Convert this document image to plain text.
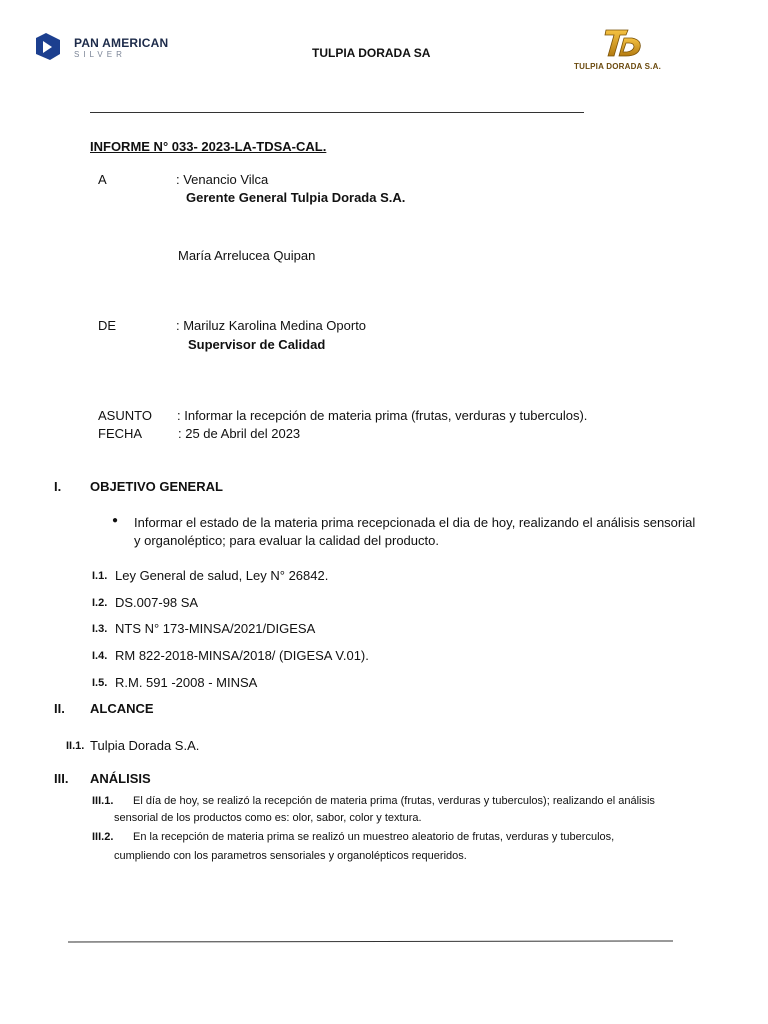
PAN AMERICAN
SILVER	TULPIA DORADA SA
TULPIA DORADA S.A.
INFORME N° 033- 2023-LA-TDSA-CAL.
A	: Venancio Vilca
Gerente General Tulpia Dorada S.A.
María Arrelucea Quipan
DE	: Mariluz Karolina Medina Oporto
Supervisor de Calidad
ASUNTO : Informar la recepción de materia prima (frutas, verduras y tuberculos).
FECHA	: 25 de Abril del 2023
I. OBJETIVO GENERAL
● Informar el estado de la materia prima recepcionada el dia de hoy, realizando el análisis sensorial
y organoléptico; para evaluar la calidad del producto.
I.1. Ley General de salud, Ley N° 26842.
I.2. DS.007-98 SA
I.3. NTS N° 173-MINSA/2021/DIGESA
I.4. RM 822-2018-MINSA/2018/ (DIGESA V.01).
I.5. R.M. 591 -2008 - MINSA
II. ALCANCE
II.1. Tulpia Dorada S.A.
III. ANÁLISIS
III.1. El día de hoy, se realizó la recepción de materia prima (frutas, verduras y tuberculos); realizando el análisis
sensorial de los productos como es: olor, sabor, color y textura.
III.2. En la recepción de materia prima se realizó un muestreo aleatorio de frutas, verduras y tuberculos,
cumpliendo con los parametros sensoriales y organolépticos requeridos.
